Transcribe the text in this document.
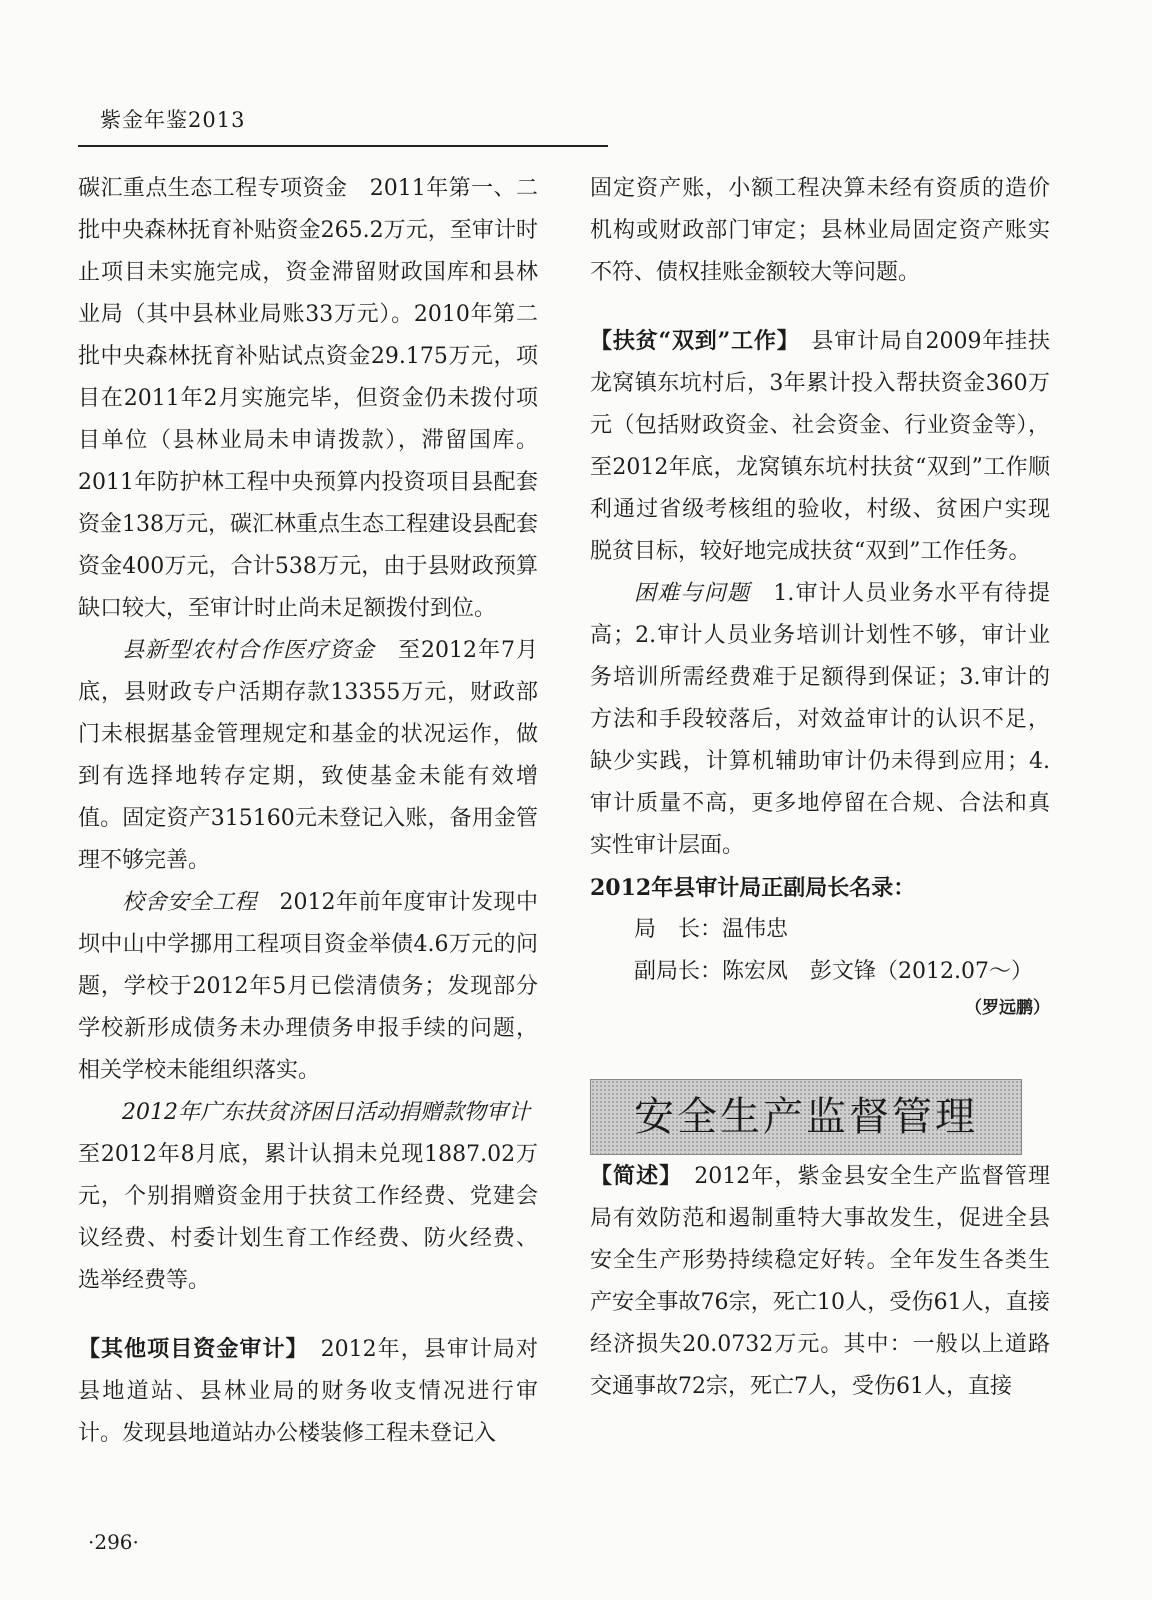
紫金年鉴2013

碳汇重点生态工程专项资金　2011年第一、二批中央森林抚育补贴资金265.2万元，至审计时止项目未实施完成，资金滞留财政国库和县林业局（其中县林业局账33万元）。2010年第二批中央森林抚育补贴试点资金29.175万元，项目在2011年2月实施完毕，但资金仍未拨付项目单位（县林业局未申请拨款），滞留国库。2011年防护林工程中央预算内投资项目县配套资金138万元，碳汇林重点生态工程建设县配套资金400万元，合计538万元，由于县财政预算缺口较大，至审计时止尚未足额拨付到位。

县新型农村合作医疗资金　至2012年7月底，县财政专户活期存款13355万元，财政部门未根据基金管理规定和基金的状况运作，做到有选择地转存定期，致使基金未能有效增值。固定资产315160元未登记入账，备用金管理不够完善。

校舍安全工程　2012年前年度审计发现中坝中山中学挪用工程项目资金举债4.6万元的问题，学校于2012年5月已偿清债务；发现部分学校新形成债务未办理债务申报手续的问题，相关学校未能组织落实。

2012年广东扶贫济困日活动捐赠款物审计　至2012年8月底，累计认捐未兑现1887.02万元，个别捐赠资金用于扶贫工作经费、党建会议经费、村委计划生育工作经费、防火经费、选举经费等。

【其他项目资金审计】　2012年，县审计局对县地道站、县林业局的财务收支情况进行审计。发现县地道站办公楼装修工程未登记入

固定资产账，小额工程决算未经有资质的造价机构或财政部门审定；县林业局固定资产账实不符、债权挂账金额较大等问题。

【扶贫“双到”工作】　县审计局自2009年挂扶龙窝镇东坑村后，3年累计投入帮扶资金360万元（包括财政资金、社会资金、行业资金等），至2012年底，龙窝镇东坑村扶贫“双到”工作顺利通过省级考核组的验收，村级、贫困户实现脱贫目标，较好地完成扶贫“双到”工作任务。

困难与问题　1.审计人员业务水平有待提高；2.审计人员业务培训计划性不够，审计业务培训所需经费难于足额得到保证；3.审计的方法和手段较落后，对效益审计的认识不足，缺少实践，计算机辅助审计仍未得到应用；4.审计质量不高，更多地停留在合规、合法和真实性审计层面。

2012年县审计局正副局长名录：

局　长：温伟忠

副局长：陈宏凤　彭文锋（2012.07～）

（罗远鹏）

安全生产监督管理

【简述】　2012年，紫金县安全生产监督管理局有效防范和遏制重特大事故发生，促进全县安全生产形势持续稳定好转。全年发生各类生产安全事故76宗，死亡10人，受伤61人，直接经济损失20.0732万元。其中：一般以上道路交通事故72宗，死亡7人，受伤61人，直接

·296·
